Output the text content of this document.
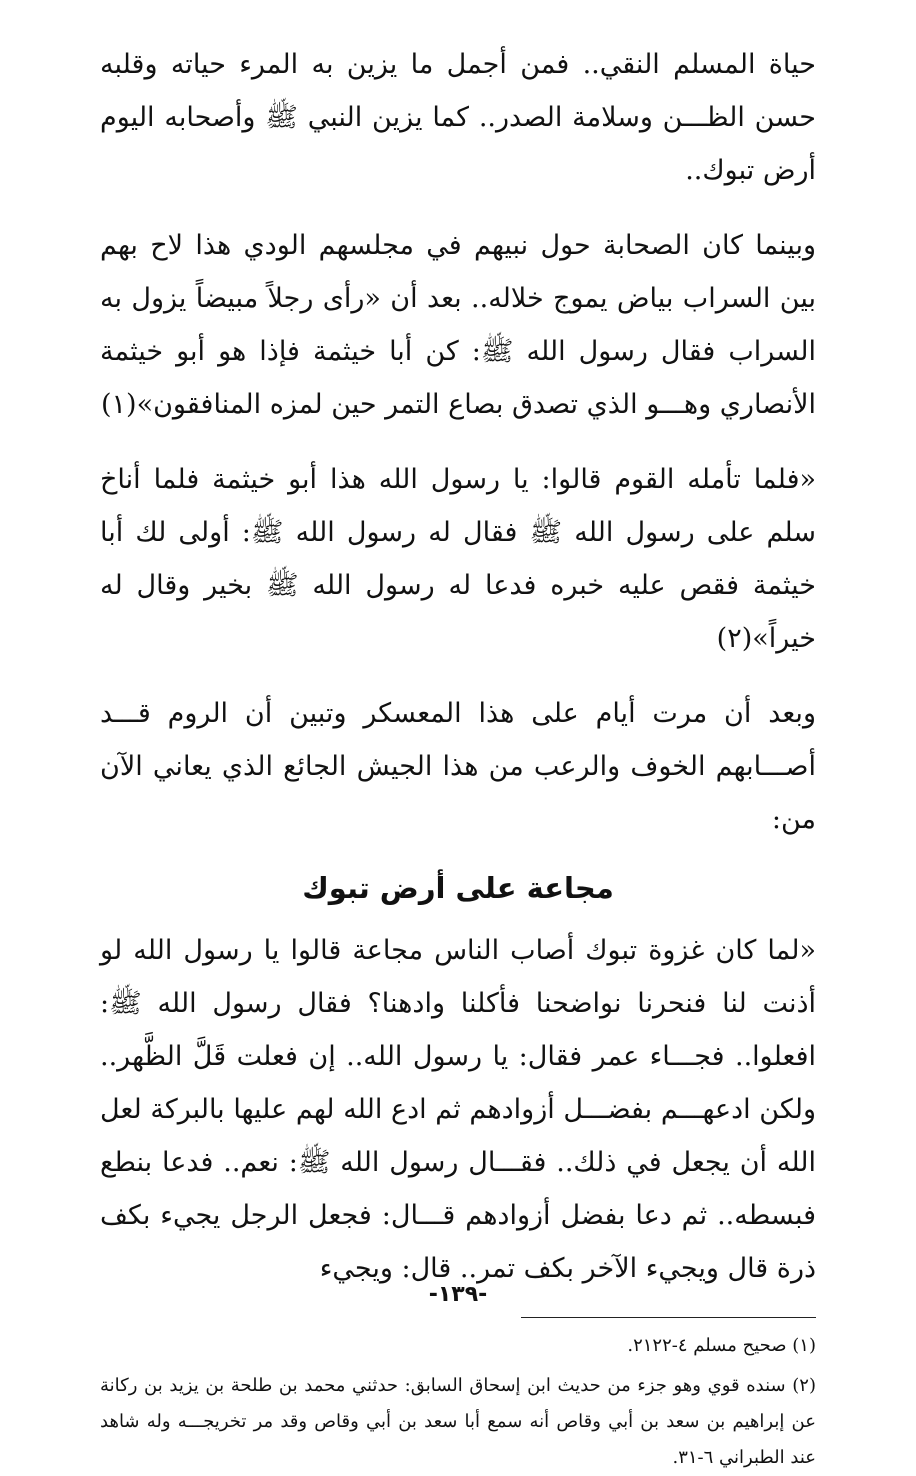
حياة المسلم النقي.. فمن أجمل ما يزين به المرء حياته وقلبه حسن الظـــن وسلامة الصدر.. كما يزين النبي ﷺ وأصحابه اليوم أرض تبوك..

وبينما كان الصحابة حول نبيهم في مجلسهم الودي هذا لاح بهم بين السراب بياض يموج خلاله.. بعد أن «رأى رجلاً مبيضاً يزول به السراب فقال رسول الله ﷺ: كن أبا خيثمة فإذا هو أبو خيثمة الأنصاري وهـــو الذي تصدق بصاع التمر حين لمزه المنافقون»(١)

«فلما تأمله القوم قالوا: يا رسول الله هذا أبو خيثمة فلما أناخ سلم على رسول الله ﷺ فقال له رسول الله ﷺ: أولى لك أبا خيثمة فقص عليه خبره فدعا له رسول الله ﷺ بخير وقال له خيراً»(٢)

وبعد أن مرت أيام على هذا المعسكر وتبين أن الروم قـــد أصـــابهم الخوف والرعب من هذا الجيش الجائع الذي يعاني الآن من:

مجاعة على أرض تبوك

«لما كان غزوة تبوك أصاب الناس مجاعة قالوا يا رسول الله لو أذنت لنا فنحرنا نواضحنا فأكلنا وادهنا؟ فقال رسول الله ﷺ: افعلوا.. فجـــاء عمر فقال: يا رسول الله.. إن فعلت قَلَّ الظَّهر.. ولكن ادعهـــم بفضـــل أزوادهم ثم ادع الله لهم عليها بالبركة لعل الله أن يجعل في ذلك.. فقـــال رسول الله ﷺ: نعم.. فدعا بنطع فبسطه.. ثم دعا بفضل أزوادهم قـــال: فجعل الرجل يجيء بكف ذرة قال ويجيء الآخر بكف تمر.. قال: ويجيء

(١) صحيح مسلم ٤-٢١٢٢.

(٢) سنده قوي وهو جزء من حديث ابن إسحاق السابق: حدثني محمد بن طلحة بن يزيد بن ركانة عن إبراهيم بن سعد بن أبي وقاص أنه سمع أبا سعد بن أبي وقاص وقد مر تخريجـــه وله شاهد عند الطبراني ٦-٣١.

-١٣٩-
